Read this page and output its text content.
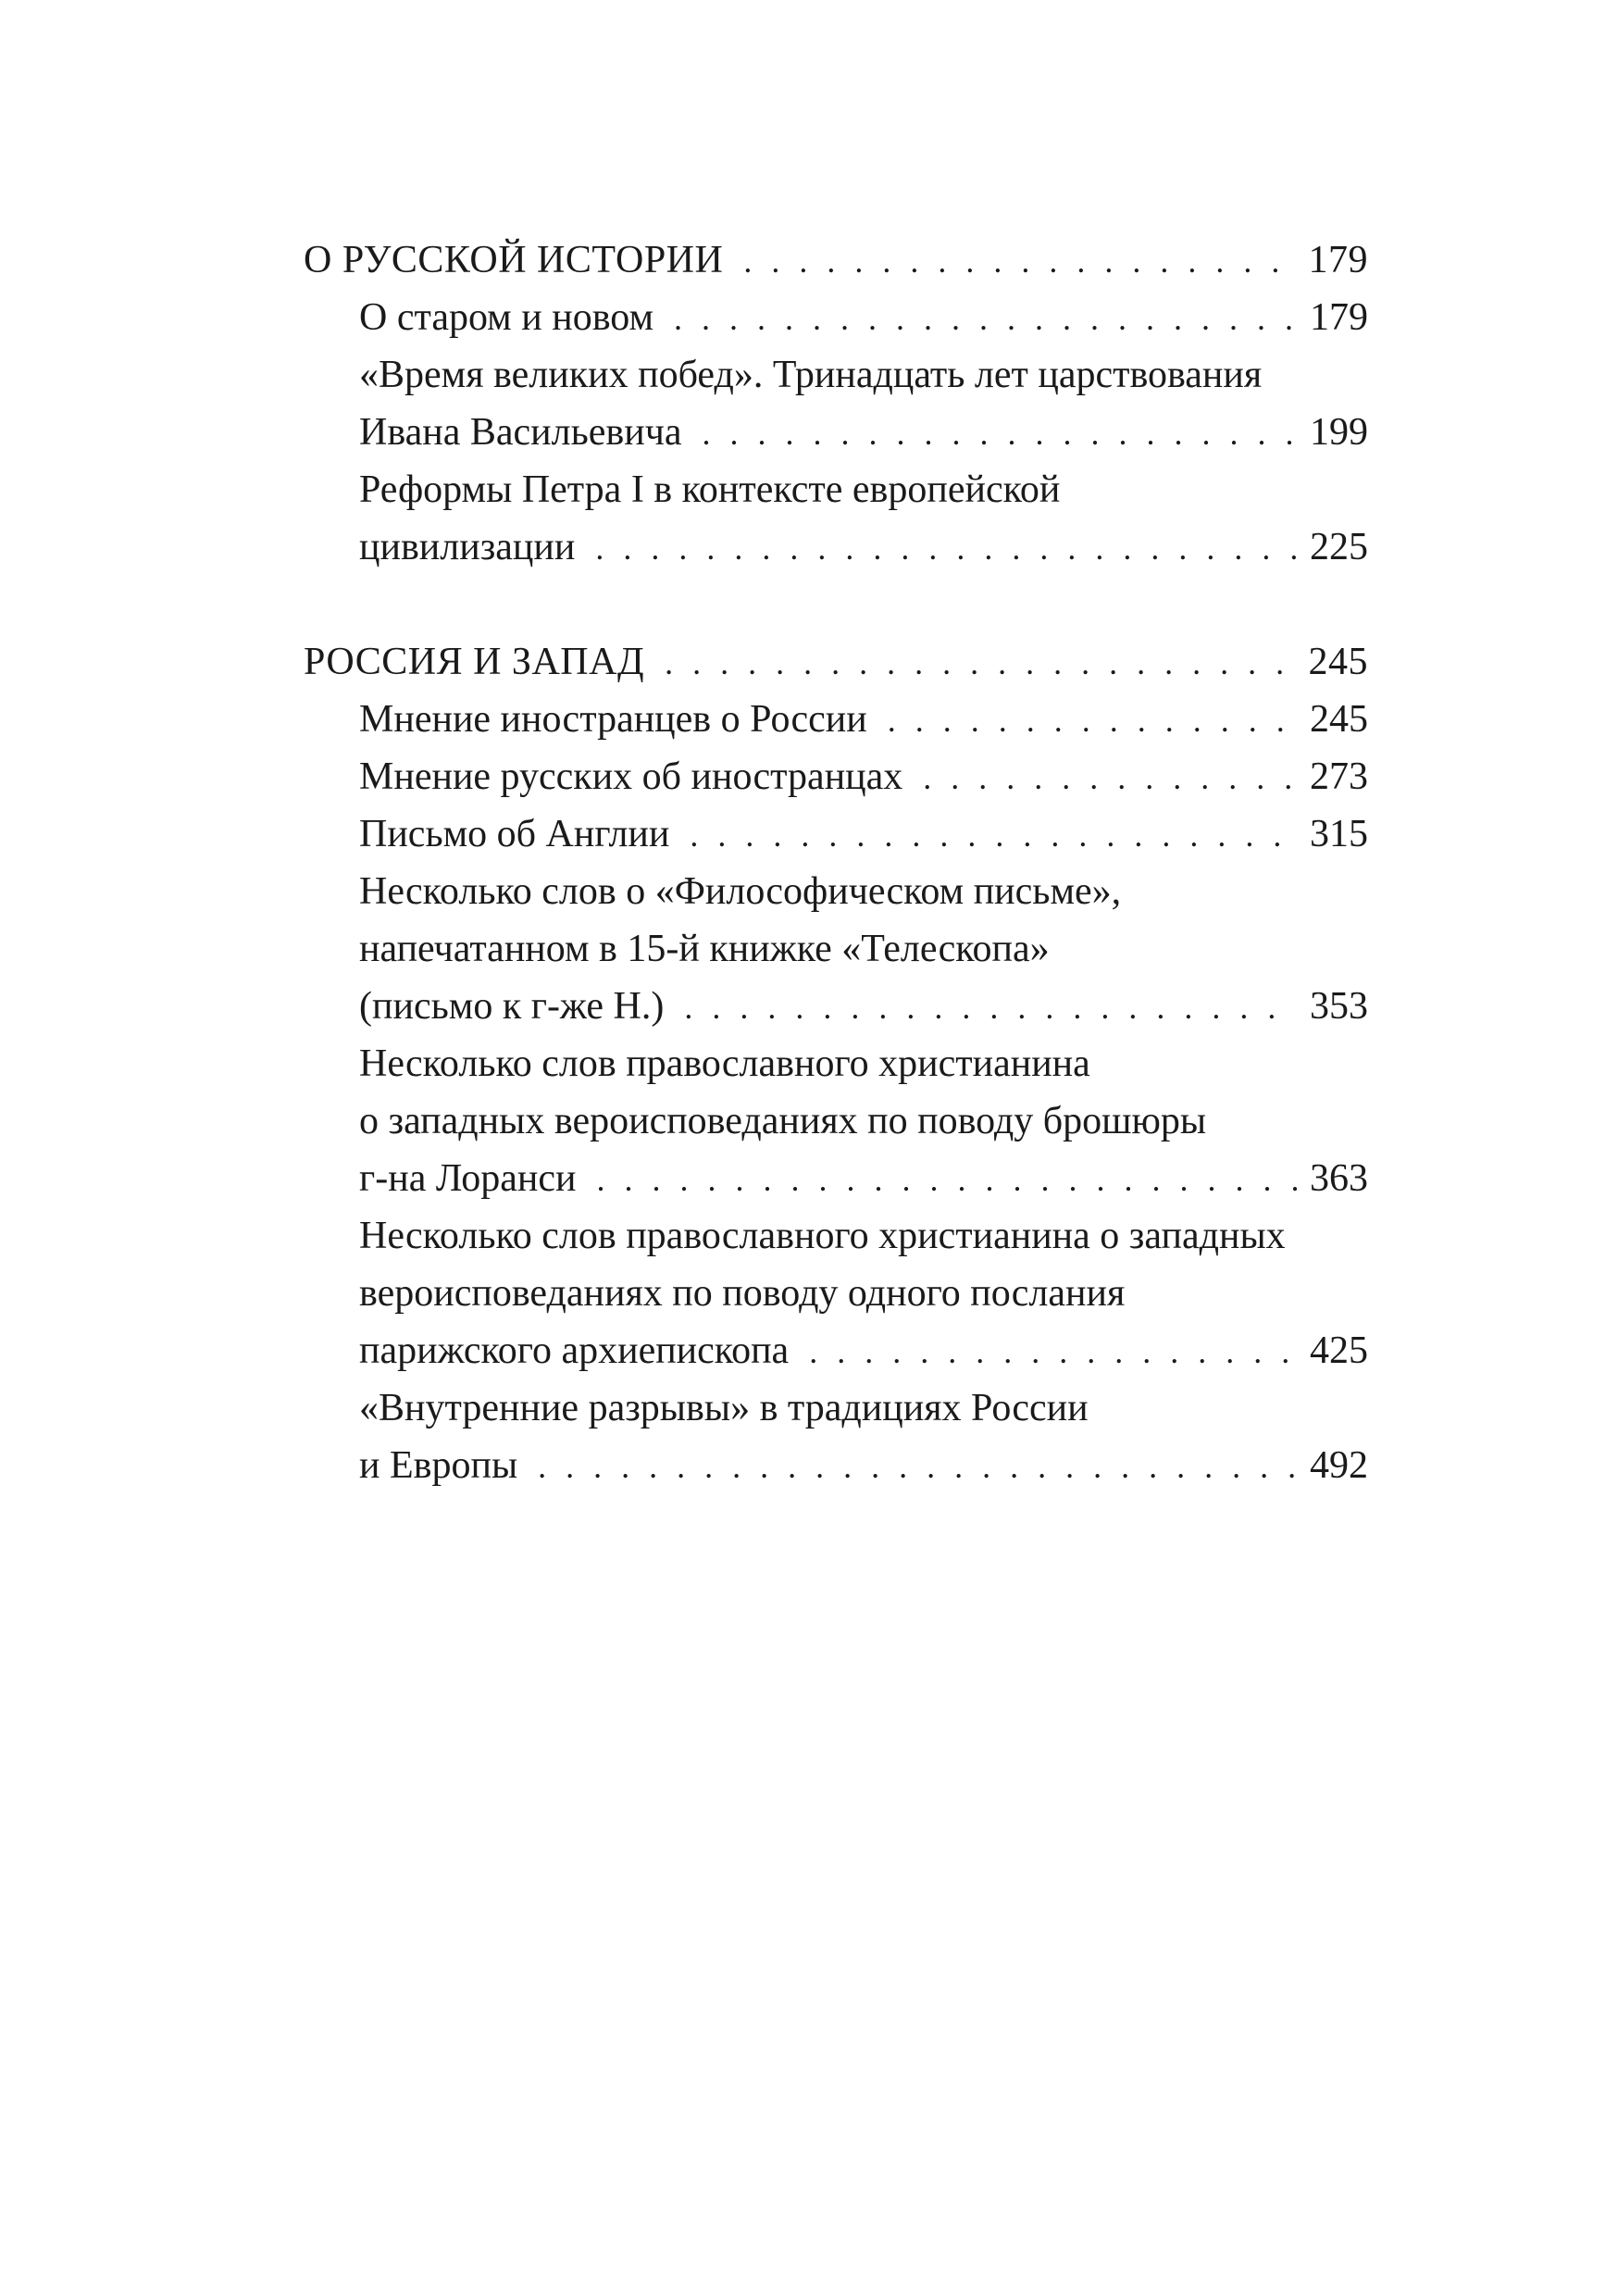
О РУССКОЙ ИСТОРИИ . . .	179
О старом и новом . . .	179
«Время великих побед». Тринадцать лет царствования
Ивана Васильевича . . .	199
Реформы Петра I в контексте европейской
цивилизации . . .	225
РОССИЯ И ЗАПАД . . .	245
Мнение иностранцев о России . . .	245
Мнение русских об иностранцах . . .	273
Письмо об Англии . . .	315
Несколько слов о «Философическом письме»,
напечатанном в 15-й книжке «Телескопа»
(письмо к г-же Н.) . . .	353
Несколько слов православного христианина
о западных вероисповеданиях по поводу брошюры
г-на Лоранси . . .	363
Несколько слов православного христианина о западных
вероисповеданиях по поводу одного послания
парижского архиепископа . . .	425
«Внутренние разрывы» в традициях России
и Европы . . .	492
